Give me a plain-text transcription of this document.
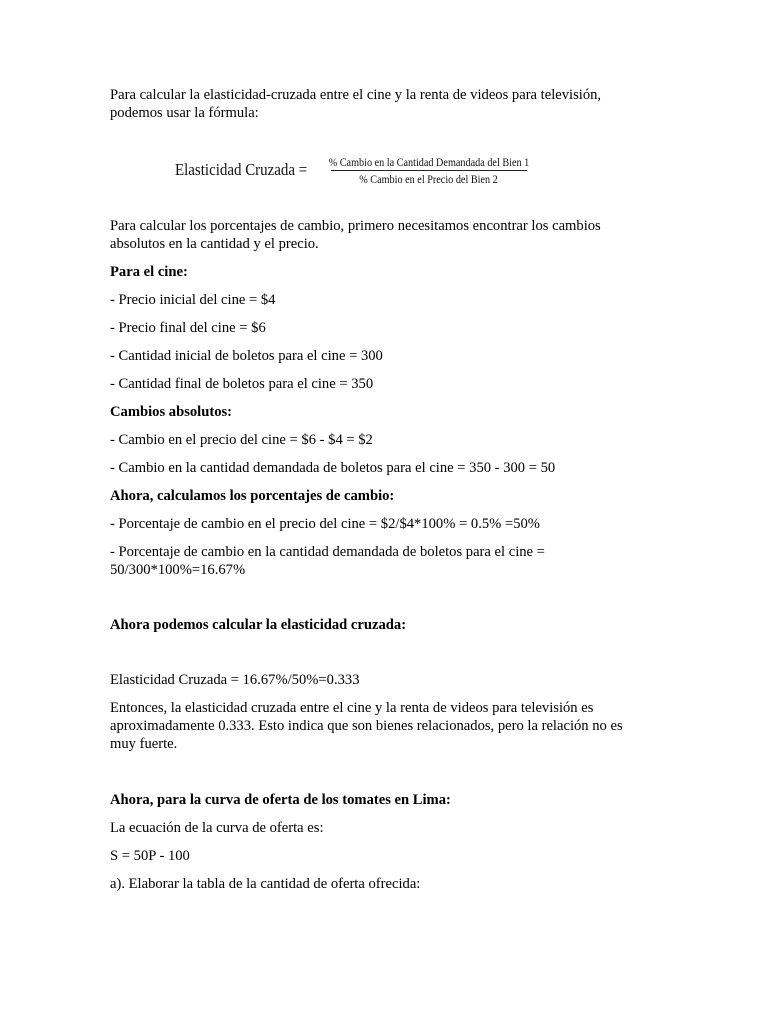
Para calcular la elasticidad-cruzada entre el cine y la renta de videos para televisión,
podemos usar la fórmula:

Elasticidad Cruzada = $\frac{\text{\% Cambio en la Cantidad Demandada del Bien 1}}{\text{\% Cambio en el Precio del Bien 2}}$

Para calcular los porcentajes de cambio, primero necesitamos encontrar los cambios
absolutos en la cantidad y el precio.

Para el cine:

- Precio inicial del cine = $4

- Precio final del cine = $6

- Cantidad inicial de boletos para el cine = 300

- Cantidad final de boletos para el cine = 350

Cambios absolutos:

- Cambio en el precio del cine = $6 - $4 = $2

- Cambio en la cantidad demandada de boletos para el cine = 350 - 300 = 50

Ahora, calculamos los porcentajes de cambio:

- Porcentaje de cambio en el precio del cine = $2/$4*100% = 0.5% =50%

- Porcentaje de cambio en la cantidad demandada de boletos para el cine =
50/300*100%=16.67%

Ahora podemos calcular la elasticidad cruzada:

Elasticidad Cruzada = 16.67%/50%=0.333

Entonces, la elasticidad cruzada entre el cine y la renta de videos para televisión es
aproximadamente 0.333. Esto indica que son bienes relacionados, pero la relación no es
muy fuerte.

Ahora, para la curva de oferta de los tomates en Lima:

La ecuación de la curva de oferta es:

S = 50P - 100

a). Elaborar la tabla de la cantidad de oferta ofrecida:
